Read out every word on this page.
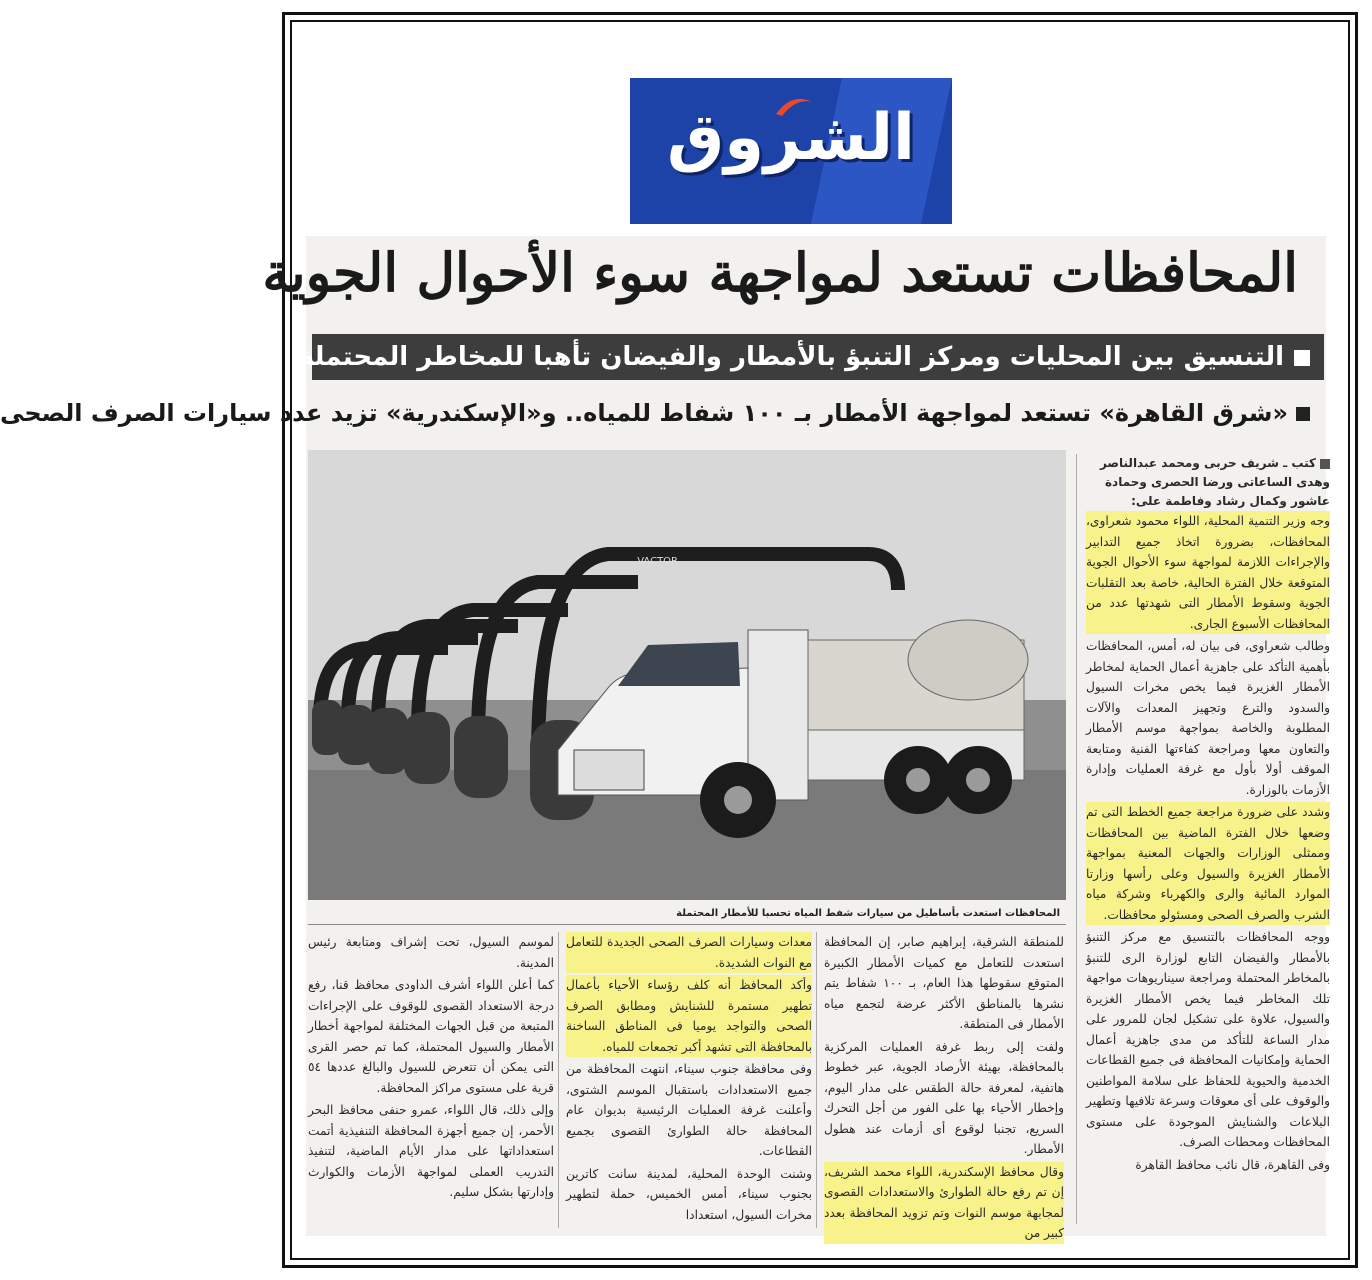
الشروق
المحافظات تستعد لمواجهة سوء الأحوال الجوية
التنسيق بين المحليات ومركز التنبؤ بالأمطار والفيضان تأهبا للمخاطر المحتملة
«شرق القاهرة» تستعد لمواجهة الأمطار بـ ١٠٠ شفاط للمياه.. و«الإسكندرية» تزيد عدد سيارات الصرف الصحى
VACTOR
المحافظات استعدت بأساطيل من سيارات شفط المياه تحسبا للأمطار المحتملة
كتب ـ شريف حربى ومحمد عبدالناصر
وهدى الساعاتى ورضا الحصرى وحمادة
عاشور وكمال رشاد وفاطمة على:

وجه وزير التنمية المحلية، اللواء محمود شعراوى، المحافظات، بضرورة اتخاذ جميع التدابير والإجراءات اللازمة لمواجهة سوء الأحوال الجوية المتوقعة خلال الفترة الحالية، خاصة بعد التقلبات الجوية وسقوط الأمطار التى شهدتها عدد من المحافظات الأسبوع الجارى.

وطالب شعراوى، فى بيان له، أمس، المحافظات بأهمية التأكد على جاهزية أعمال الحماية لمخاطر الأمطار الغزيرة فيما يخص مخرات السيول والسدود والترع وتجهيز المعدات والآلات المطلوبة والخاصة بمواجهة موسم الأمطار والتعاون معها ومراجعة كفاءتها الفنية ومتابعة الموقف أولا بأول مع غرفة العمليات وإدارة الأزمات بالوزارة.

وشدد على ضرورة مراجعة جميع الخطط التى تم وضعها خلال الفترة الماضية بين المحافظات وممثلى الوزارات والجهات المعنية بمواجهة الأمطار الغزيرة والسيول وعلى رأسها وزارتا الموارد المائية والرى والكهرباء وشركة مياه الشرب والصرف الصحى ومسئولو محافظات.

ووجه المحافظات بالتنسيق مع مركز التنبؤ بالأمطار والفيضان التابع لوزارة الرى للتنبؤ بالمخاطر المحتملة ومراجعة سيناريوهات مواجهة تلك المخاطر فيما يخص الأمطار الغزيرة والسيول، علاوة على تشكيل لجان للمرور على مدار الساعة للتأكد من مدى جاهزية أعمال الحماية وإمكانيات المحافظة فى جميع القطاعات الخدمية والحيوية للحفاظ على سلامة المواطنين والوقوف على أى معوقات وسرعة تلافيها وتطهير البلاعات والشنايش الموجودة على مستوى المحافظات ومحطات الصرف.

وفى القاهرة، قال نائب محافظ القاهرة

للمنطقة الشرقية، إبراهيم صابر، إن المحافظة استعدت للتعامل مع كميات الأمطار الكبيرة المتوقع سقوطها هذا العام، بـ ١٠٠ شفاط يتم نشرها بالمناطق الأكثر عرضة لتجمع مياه الأمطار فى المنطقة.

ولفت إلى ربط غرفة العمليات المركزية بالمحافظة، بهيئة الأرصاد الجوية، عبر خطوط هاتفية، لمعرفة حالة الطقس على مدار اليوم، وإخطار الأحياء بها على الفور من أجل التحرك السريع، تجنبا لوقوع أى أزمات عند هطول الأمطار.

وقال محافظ الإسكندرية، اللواء محمد الشريف، إن تم رفع حالة الطوارئ والاستعدادات القصوى لمجابهة موسم النوات وتم تزويد المحافظة بعدد كبير من

معدات وسيارات الصرف الصحى الجديدة للتعامل مع النوات الشديدة.

وأكد المحافظ أنه كلف رؤساء الأحياء بأعمال تطهير مستمرة للشنايش ومطابق الصرف الصحى والتواجد يوميا فى المناطق الساخنة بالمحافظة التى تشهد أكبر تجمعات للمياه.

وفى محافظة جنوب سيناء، انتهت المحافظة من جميع الاستعدادات باستقبال الموسم الشتوى، وأعلنت غرفة العمليات الرئيسية بديوان عام المحافظة حالة الطوارئ القصوى بجميع القطاعات.

وشنت الوحدة المحلية، لمدينة سانت كاترين بجنوب سيناء، أمس الخميس، حملة لتطهير مخرات السيول، استعدادا

لموسم السيول، تحت إشراف ومتابعة رئيس المدينة.

كما أعلن اللواء أشرف الداودى محافظ قنا، رفع درجة الاستعداد القصوى للوقوف على الإجراءات المتبعة من قبل الجهات المختلفة لمواجهة أخطار الأمطار والسيول المحتملة، كما تم حصر القرى التى يمكن أن تتعرض للسيول والبالغ عددها ٥٤ قرية على مستوى مراكز المحافظة.

وإلى ذلك، قال اللواء، عمرو حنفى محافظ البحر الأحمر، إن جميع أجهزة المحافظة التنفيذية أتمت استعداداتها على مدار الأيام الماضية، لتنفيذ التدريب العملى لمواجهة الأزمات والكوارث وإدارتها بشكل سليم.
